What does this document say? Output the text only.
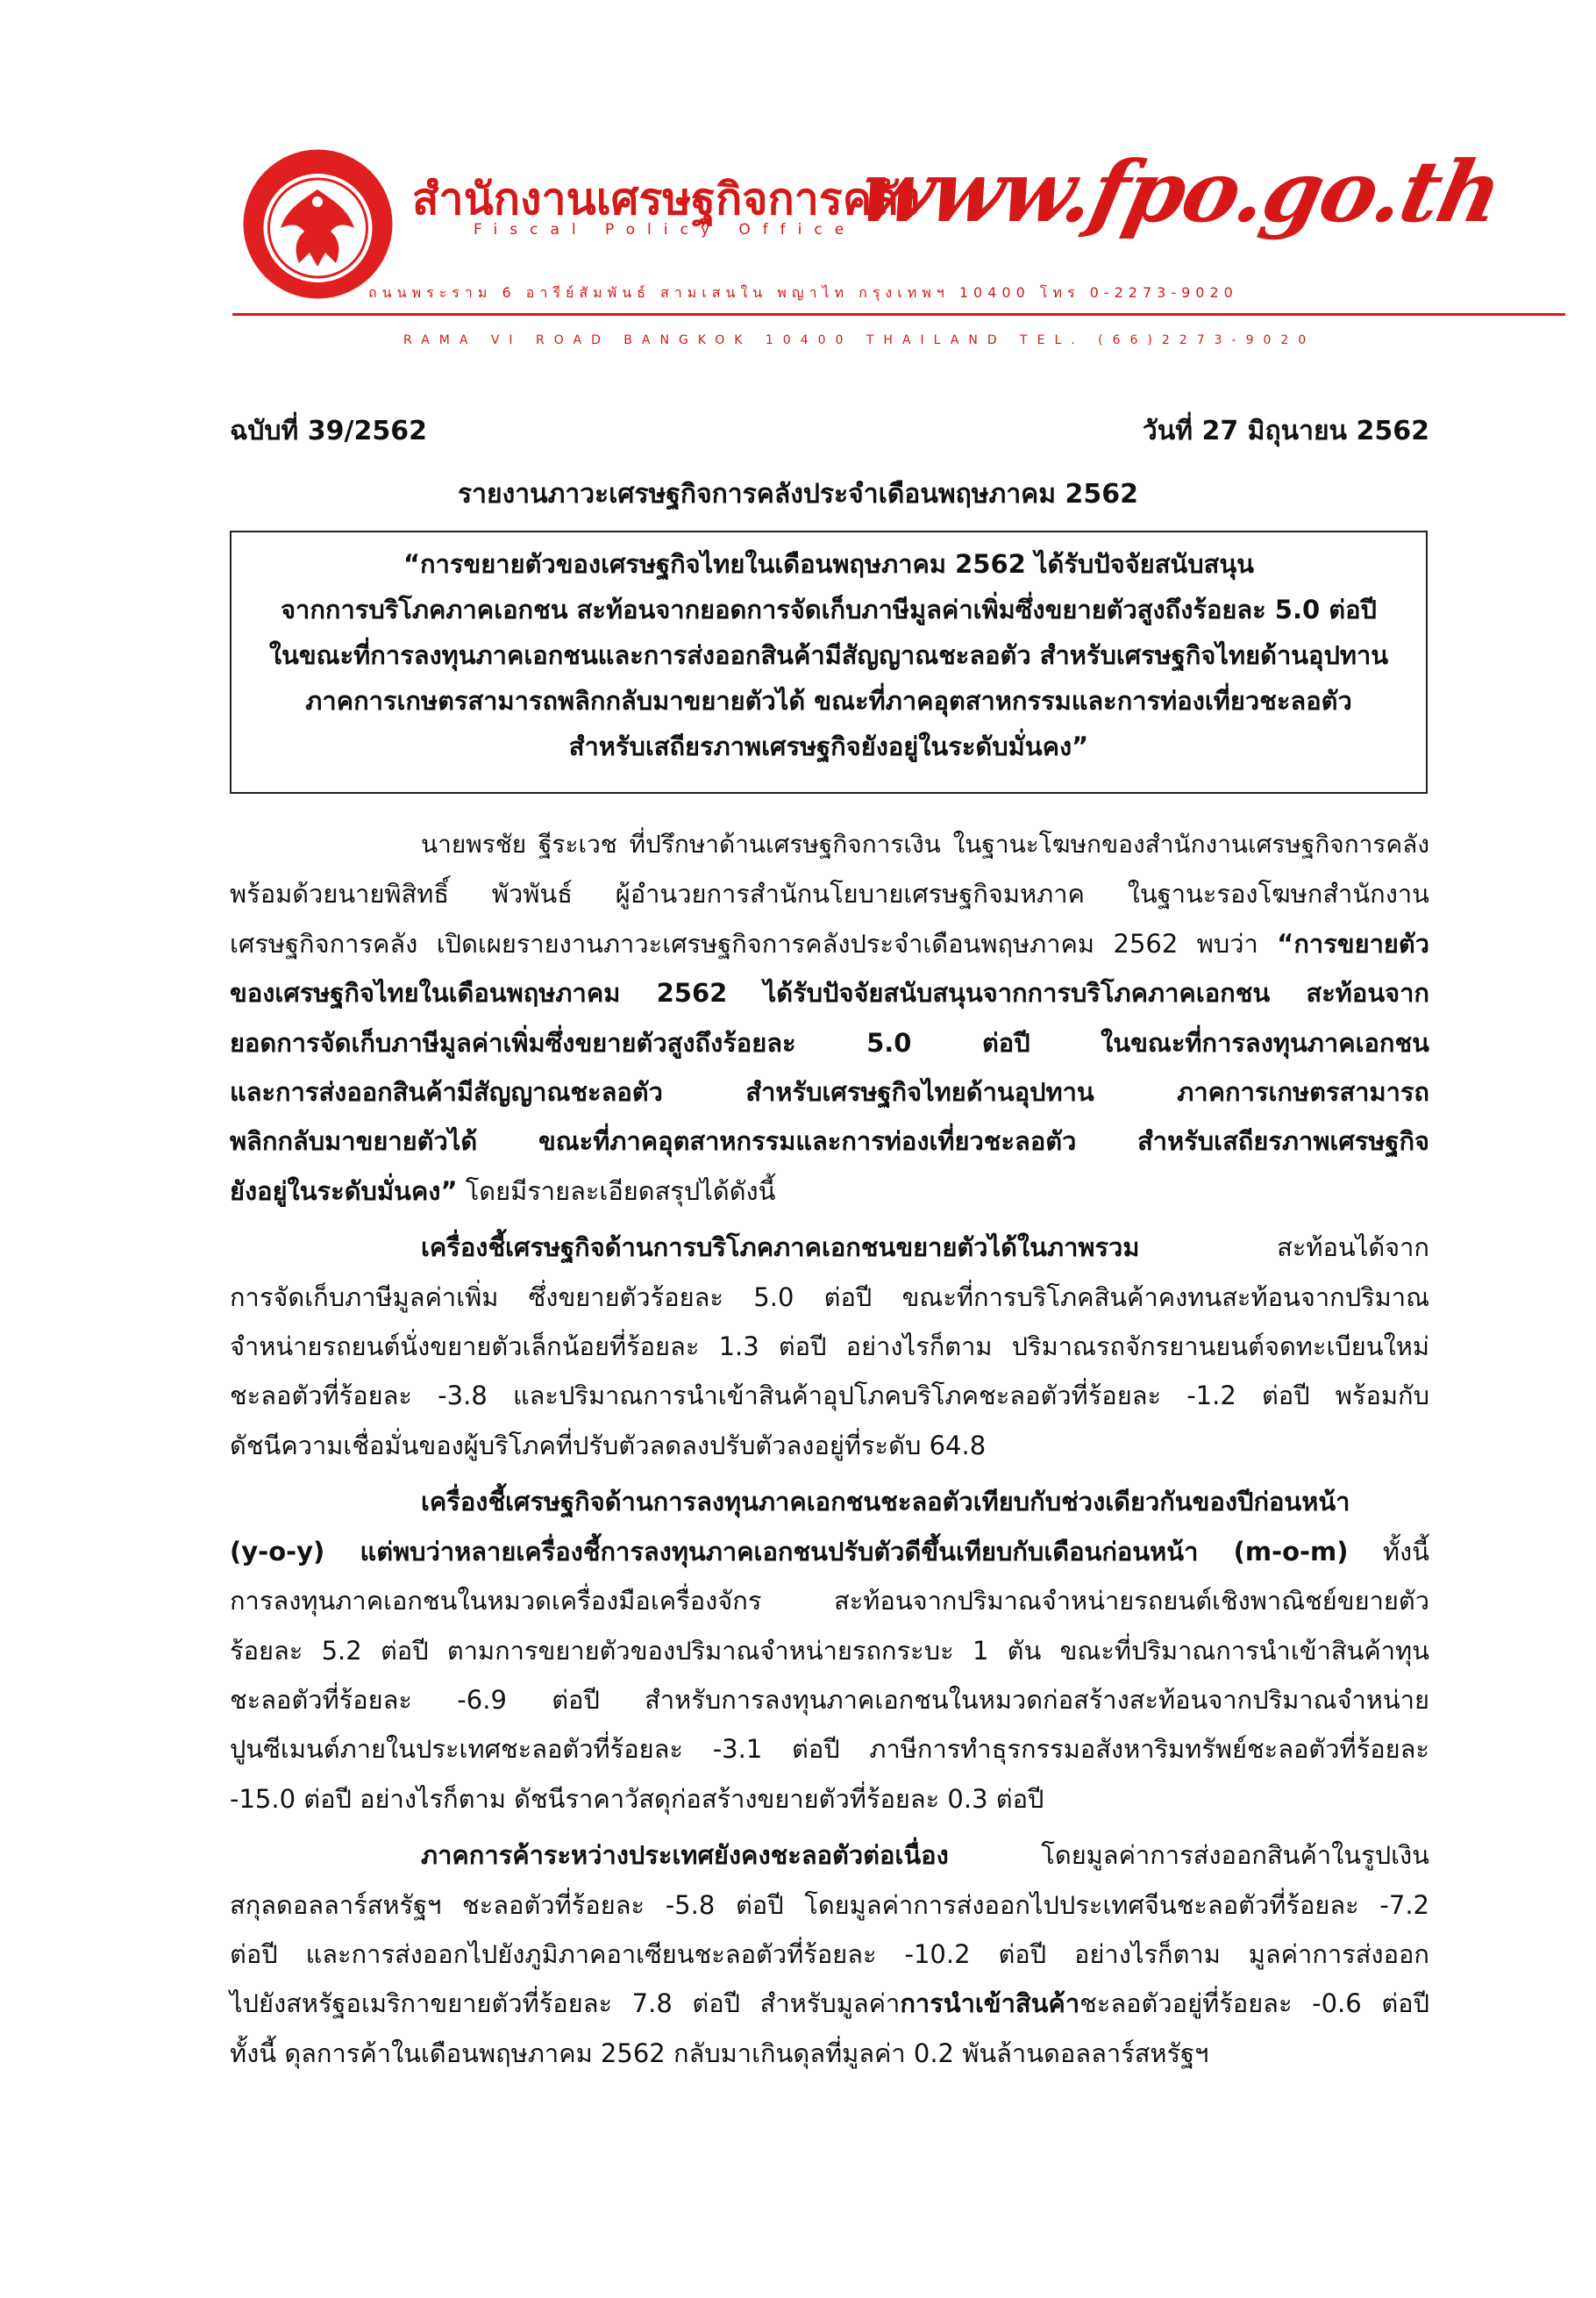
สำนักงานเศรษฐกิจการคลัง
Fiscal Policy Office
www.fpo.go.th
ถนนพระราม 6 อารีย์สัมพันธ์ สามเสนใน พญาไท กรุงเทพฯ 10400 โทร 0-2273-9020
RAMA VI ROAD BANGKOK 10400 THAILAND TEL. (66)2273-9020
ฉบับที่ 39/2562	วันที่ 27 มิถุนายน 2562
รายงานภาวะเศรษฐกิจการคลังประจำเดือนพฤษภาคม 2562
“การขยายตัวของเศรษฐกิจไทยในเดือนพฤษภาคม 2562 ได้รับปัจจัยสนับสนุน
จากการบริโภคภาคเอกชน สะท้อนจากยอดการจัดเก็บภาษีมูลค่าเพิ่มซึ่งขยายตัวสูงถึงร้อยละ 5.0 ต่อปี
ในขณะที่การลงทุนภาคเอกชนและการส่งออกสินค้ามีสัญญาณชะลอตัว สำหรับเศรษฐกิจไทยด้านอุปทาน
ภาคการเกษตรสามารถพลิกกลับมาขยายตัวได้ ขณะที่ภาคอุตสาหกรรมและการท่องเที่ยวชะลอตัว
สำหรับเสถียรภาพเศรษฐกิจยังอยู่ในระดับมั่นคง”
นายพรชัย ฐีระเวช ที่ปรึกษาด้านเศรษฐกิจการเงิน ในฐานะโฆษกของสำนักงานเศรษฐกิจการคลัง
พร้อมด้วยนายพิสิทธิ์ พัวพันธ์ ผู้อำนวยการสำนักนโยบายเศรษฐกิจมหภาค ในฐานะรองโฆษกสำนักงาน
เศรษฐกิจการคลัง เปิดเผยรายงานภาวะเศรษฐกิจการคลังประจำเดือนพฤษภาคม 2562 พบว่า “การขยายตัว
ของเศรษฐกิจไทยในเดือนพฤษภาคม 2562 ได้รับปัจจัยสนับสนุนจากการบริโภคภาคเอกชน สะท้อนจาก
ยอดการจัดเก็บภาษีมูลค่าเพิ่มซึ่งขยายตัวสูงถึงร้อยละ 5.0 ต่อปี ในขณะที่การลงทุนภาคเอกชน
และการส่งออกสินค้ามีสัญญาณชะลอตัว สำหรับเศรษฐกิจไทยด้านอุปทาน ภาคการเกษตรสามารถ
พลิกกลับมาขยายตัวได้ ขณะที่ภาคอุตสาหกรรมและการท่องเที่ยวชะลอตัว สำหรับเสถียรภาพเศรษฐกิจ
ยังอยู่ในระดับมั่นคง” โดยมีรายละเอียดสรุปได้ดังนี้
เครื่องชี้เศรษฐกิจด้านการบริโภคภาคเอกชนขยายตัวได้ในภาพรวม สะท้อนได้จาก
การจัดเก็บภาษีมูลค่าเพิ่ม ซึ่งขยายตัวร้อยละ 5.0 ต่อปี ขณะที่การบริโภคสินค้าคงทนสะท้อนจากปริมาณ
จำหน่ายรถยนต์นั่งขยายตัวเล็กน้อยที่ร้อยละ 1.3 ต่อปี อย่างไรก็ตาม ปริมาณรถจักรยานยนต์จดทะเบียนใหม่
ชะลอตัวที่ร้อยละ -3.8 และปริมาณการนำเข้าสินค้าอุปโภคบริโภคชะลอตัวที่ร้อยละ -1.2 ต่อปี พร้อมกับ
ดัชนีความเชื่อมั่นของผู้บริโภคที่ปรับตัวลดลงปรับตัวลงอยู่ที่ระดับ 64.8
เครื่องชี้เศรษฐกิจด้านการลงทุนภาคเอกชนชะลอตัวเทียบกับช่วงเดียวกันของปีก่อนหน้า
(y-o-y) แต่พบว่าหลายเครื่องชี้การลงทุนภาคเอกชนปรับตัวดีขึ้นเทียบกับเดือนก่อนหน้า (m-o-m) ทั้งนี้
การลงทุนภาคเอกชนในหมวดเครื่องมือเครื่องจักร สะท้อนจากปริมาณจำหน่ายรถยนต์เชิงพาณิชย์ขยายตัว
ร้อยละ 5.2 ต่อปี ตามการขยายตัวของปริมาณจำหน่ายรถกระบะ 1 ตัน ขณะที่ปริมาณการนำเข้าสินค้าทุน
ชะลอตัวที่ร้อยละ -6.9 ต่อปี สำหรับการลงทุนภาคเอกชนในหมวดก่อสร้างสะท้อนจากปริมาณจำหน่าย
ปูนซีเมนต์ภายในประเทศชะลอตัวที่ร้อยละ -3.1 ต่อปี ภาษีการทำธุรกรรมอสังหาริมทรัพย์ชะลอตัวที่ร้อยละ
-15.0 ต่อปี อย่างไรก็ตาม ดัชนีราคาวัสดุก่อสร้างขยายตัวที่ร้อยละ 0.3 ต่อปี
ภาคการค้าระหว่างประเทศยังคงชะลอตัวต่อเนื่อง โดยมูลค่าการส่งออกสินค้าในรูปเงิน
สกุลดอลลาร์สหรัฐฯ ชะลอตัวที่ร้อยละ -5.8 ต่อปี โดยมูลค่าการส่งออกไปประเทศจีนชะลอตัวที่ร้อยละ -7.2
ต่อปี และการส่งออกไปยังภูมิภาคอาเซียนชะลอตัวที่ร้อยละ -10.2 ต่อปี อย่างไรก็ตาม มูลค่าการส่งออก
ไปยังสหรัฐอเมริกาขยายตัวที่ร้อยละ 7.8 ต่อปี สำหรับมูลค่าการนำเข้าสินค้าชะลอตัวอยู่ที่ร้อยละ -0.6 ต่อปี
ทั้งนี้ ดุลการค้าในเดือนพฤษภาคม 2562 กลับมาเกินดุลที่มูลค่า 0.2 พันล้านดอลลาร์สหรัฐฯ
